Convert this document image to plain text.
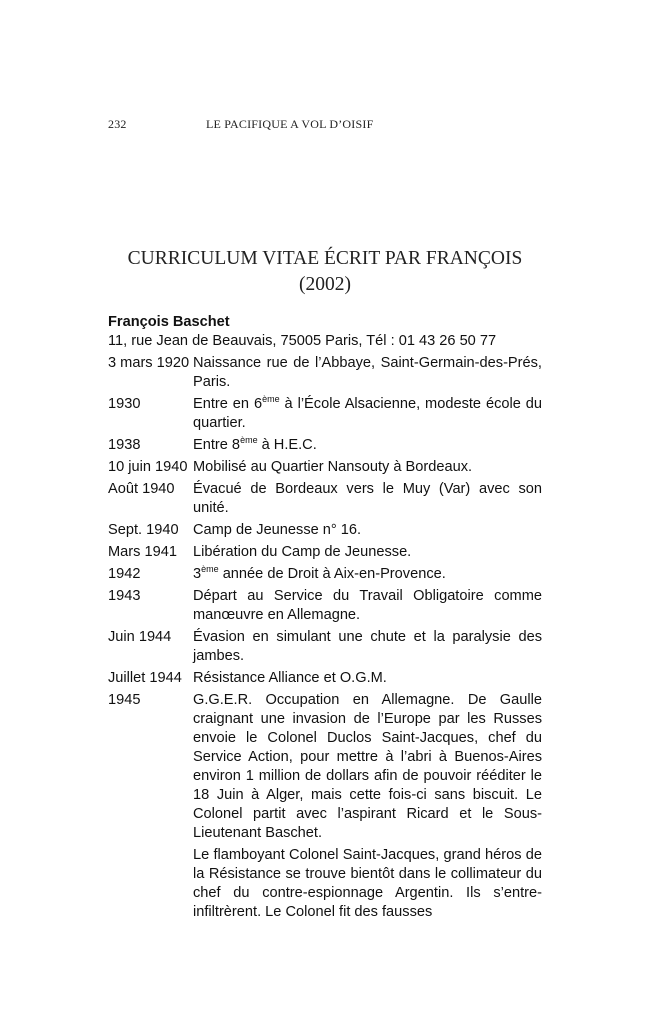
232	LE PACIFIQUE A VOL D’OISIF
CURRICULUM VITAE ÉCRIT PAR FRANÇOIS
(2002)
François Baschet
11, rue Jean de Beauvais, 75005 Paris, Tél : 01 43 26 50 77
3 mars 1920 Naissance rue de l’Abbaye, Saint-Germain-des-Prés, Paris.
1930	Entre en 6ème à l’École Alsacienne, modeste école du quartier.
1938	Entre 8ème à H.E.C.
10 juin 1940 Mobilisé au Quartier Nansouty à Bordeaux.
Août 1940	Évacué de Bordeaux vers le Muy (Var) avec son unité.
Sept. 1940 Camp de Jeunesse n° 16.
Mars 1941	Libération du Camp de Jeunesse.
1942	3ème année de Droit à Aix-en-Provence.
1943	Départ au Service du Travail Obligatoire comme manœuvre en Allemagne.
Juin 1944	Évasion en simulant une chute et la paralysie des jambes.
Juillet 1944 Résistance Alliance et O.G.M.
1945	G.G.E.R. Occupation en Allemagne. De Gaulle craignant une invasion de l’Europe par les Russes envoie le Colonel Duclos Saint-Jacques, chef du Service Action, pour mettre à l’abri à Buenos-Aires environ 1 million de dollars afin de pouvoir rééditer le 18 Juin à Alger, mais cette fois-ci sans biscuit. Le Colonel partit avec l’aspirant Ricard et le Sous-Lieutenant Baschet.

Le flamboyant Colonel Saint-Jacques, grand héros de la Résistance se trouve bientôt dans le collimateur du chef du contre-espionnage Argentin. Ils s’entre-infiltrèrent. Le Colonel fit des fausses
